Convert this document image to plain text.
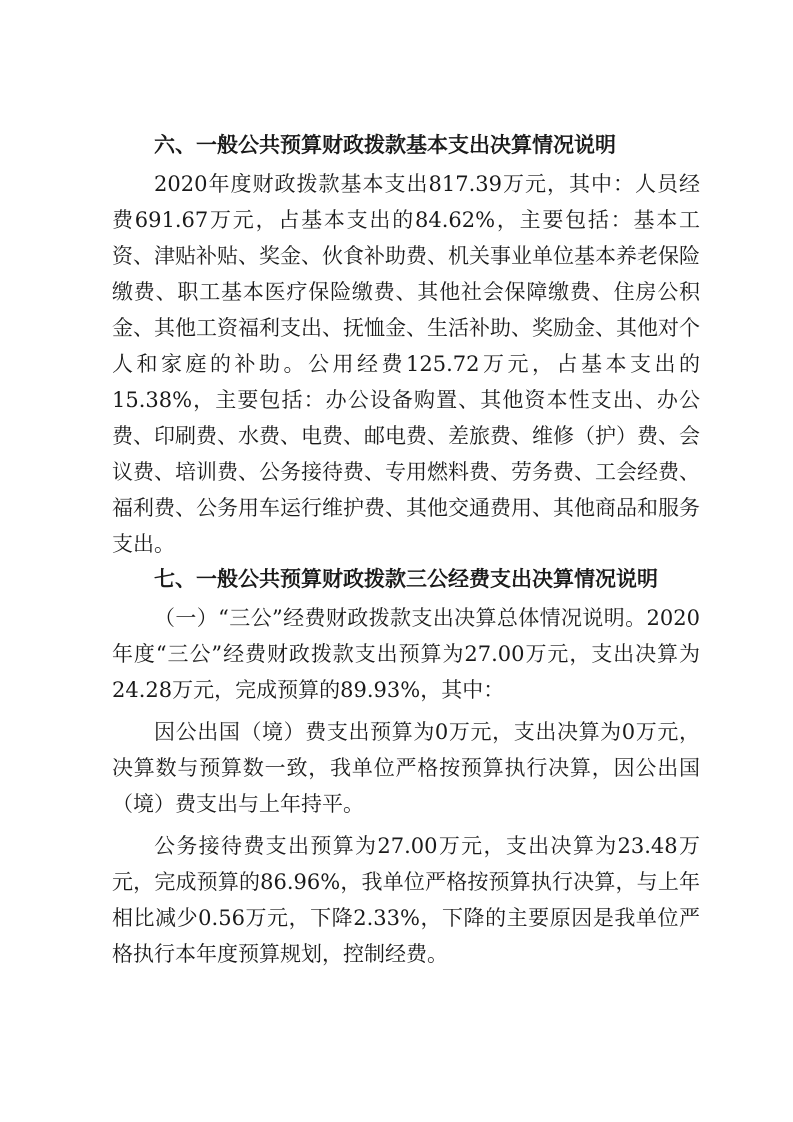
六、一般公共预算财政拨款基本支出决算情况说明

2020年度财政拨款基本支出817.39万元，其中：人员经费691.67万元，占基本支出的84.62%，主要包括：基本工资、津贴补贴、奖金、伙食补助费、机关事业单位基本养老保险缴费、职工基本医疗保险缴费、其他社会保障缴费、住房公积金、其他工资福利支出、抚恤金、生活补助、奖励金、其他对个人和家庭的补助。公用经费125.72万元，占基本支出的15.38%，主要包括：办公设备购置、其他资本性支出、办公费、印刷费、水费、电费、邮电费、差旅费、维修（护）费、会议费、培训费、公务接待费、专用燃料费、劳务费、工会经费、福利费、公务用车运行维护费、其他交通费用、其他商品和服务支出。

七、一般公共预算财政拨款三公经费支出决算情况说明

（一）“三公”经费财政拨款支出决算总体情况说明。2020年度“三公”经费财政拨款支出预算为27.00万元，支出决算为24.28万元，完成预算的89.93%，其中：

因公出国（境）费支出预算为0万元，支出决算为0万元，决算数与预算数一致，我单位严格按预算执行决算，因公出国（境）费支出与上年持平。

公务接待费支出预算为27.00万元，支出决算为23.48万元，完成预算的86.96%，我单位严格按预算执行决算，与上年相比减少0.56万元，下降2.33%，下降的主要原因是我单位严格执行本年度预算规划，控制经费。
